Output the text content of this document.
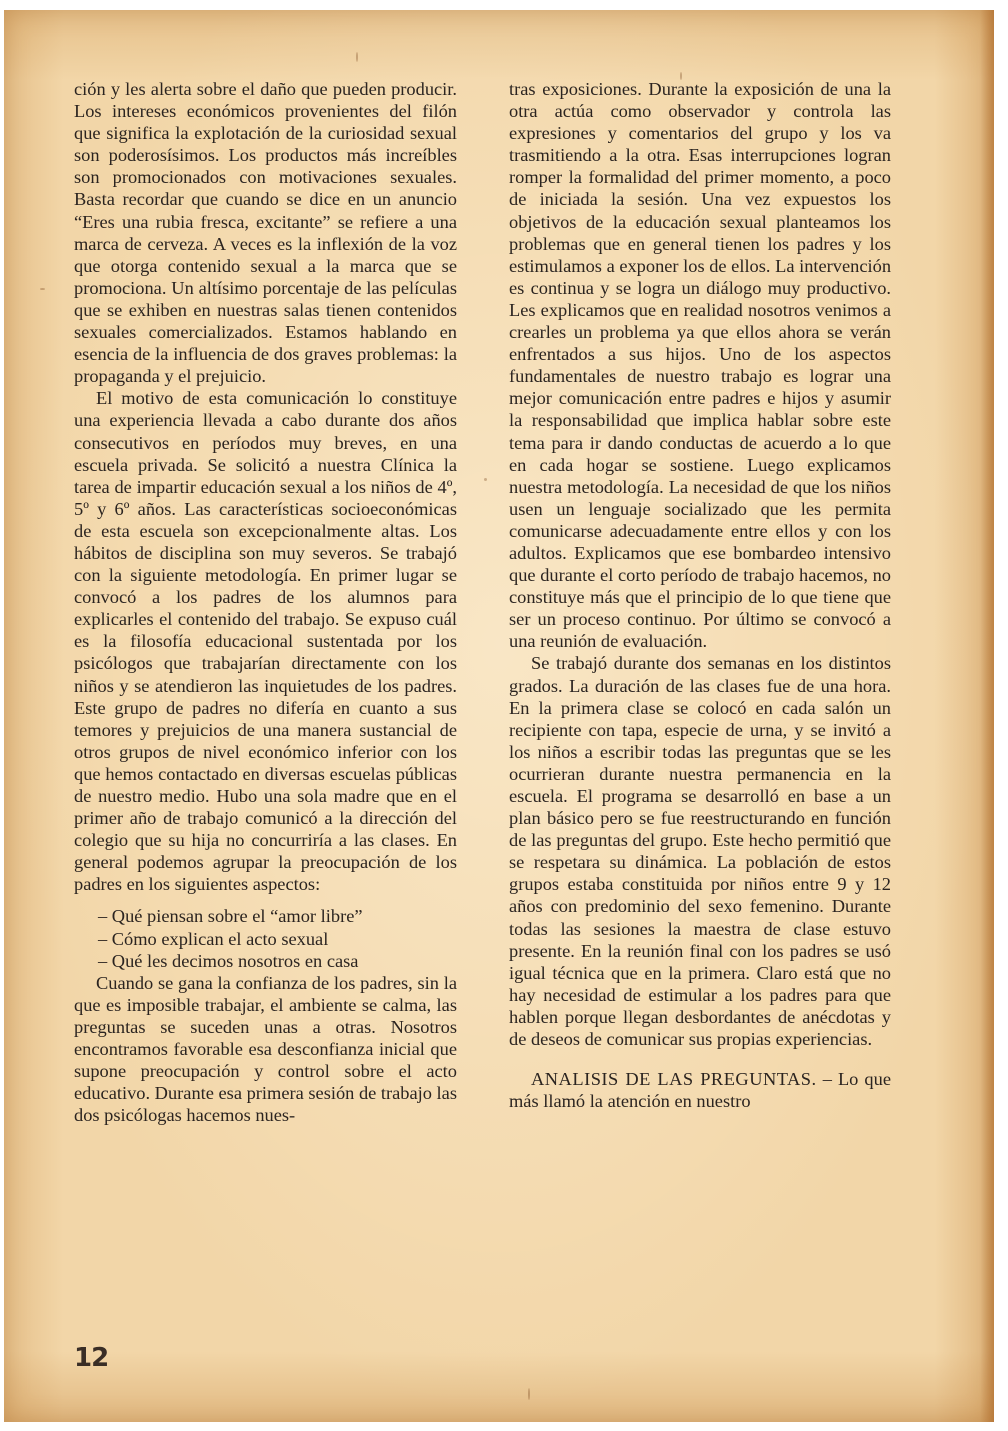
ción y les alerta sobre el daño que pueden producir. Los intereses económicos provenientes del filón que significa la explotación de la curiosidad sexual son poderosísimos. Los productos más increíbles son promocionados con motivaciones sexuales. Basta recordar que cuando se dice en un anuncio “Eres una rubia fresca, excitante” se refiere a una marca de cerveza. A veces es la inflexión de la voz que otorga contenido sexual a la marca que se promociona. Un altísimo porcentaje de las películas que se exhiben en nuestras salas tienen contenidos sexuales comercializados. Estamos hablando en esencia de la influencia de dos graves problemas: la propaganda y el prejuicio.

El motivo de esta comunicación lo constituye una experiencia llevada a cabo durante dos años consecutivos en períodos muy breves, en una escuela privada. Se solicitó a nuestra Clínica la tarea de impartir educación sexual a los niños de 4º, 5º y 6º años. Las características socioeconómicas de esta escuela son excepcionalmente altas. Los hábitos de disciplina son muy severos. Se trabajó con la siguiente metodología. En primer lugar se convocó a los padres de los alumnos para explicarles el contenido del trabajo. Se expuso cuál es la filosofía educacional sustentada por los psicólogos que trabajarían directamente con los niños y se atendieron las inquietudes de los padres. Este grupo de padres no difería en cuanto a sus temores y prejuicios de una manera sustancial de otros grupos de nivel económico inferior con los que hemos contactado en diversas escuelas públicas de nuestro medio. Hubo una sola madre que en el primer año de trabajo comunicó a la dirección del colegio que su hija no concurriría a las clases. En general podemos agrupar la preocupación de los padres en los siguientes aspectos:

– Qué piensan sobre el “amor libre”
– Cómo explican el acto sexual
– Qué les decimos nosotros en casa

Cuando se gana la confianza de los padres, sin la que es imposible trabajar, el ambiente se calma, las preguntas se suceden unas a otras. Nosotros encontramos favorable esa desconfianza inicial que supone preocupación y control sobre el acto educativo. Durante esa primera sesión de trabajo las dos psicólogas hacemos nues-

tras exposiciones. Durante la exposición de una la otra actúa como observador y controla las expresiones y comentarios del grupo y los va trasmitiendo a la otra. Esas interrupciones logran romper la formalidad del primer momento, a poco de iniciada la sesión. Una vez expuestos los objetivos de la educación sexual planteamos los problemas que en general tienen los padres y los estimulamos a exponer los de ellos. La intervención es continua y se logra un diálogo muy productivo. Les explicamos que en realidad nosotros venimos a crearles un problema ya que ellos ahora se verán enfrentados a sus hijos. Uno de los aspectos fundamentales de nuestro trabajo es lograr una mejor comunicación entre padres e hijos y asumir la responsabilidad que implica hablar sobre este tema para ir dando conductas de acuerdo a lo que en cada hogar se sostiene. Luego explicamos nuestra metodología. La necesidad de que los niños usen un lenguaje socializado que les permita comunicarse adecuadamente entre ellos y con los adultos. Explicamos que ese bombardeo intensivo que durante el corto período de trabajo hacemos, no constituye más que el principio de lo que tiene que ser un proceso continuo. Por último se convocó a una reunión de evaluación.

Se trabajó durante dos semanas en los distintos grados. La duración de las clases fue de una hora. En la primera clase se colocó en cada salón un recipiente con tapa, especie de urna, y se invitó a los niños a escribir todas las preguntas que se les ocurrieran durante nuestra permanencia en la escuela. El programa se desarrolló en base a un plan básico pero se fue reestructurando en función de las preguntas del grupo. Este hecho permitió que se respetara su dinámica. La población de estos grupos estaba constituida por niños entre 9 y 12 años con predominio del sexo femenino. Durante todas las sesiones la maestra de clase estuvo presente. En la reunión final con los padres se usó igual técnica que en la primera. Claro está que no hay necesidad de estimular a los padres para que hablen porque llegan desbordantes de anécdotas y de deseos de comunicar sus propias experiencias.

ANALISIS DE LAS PREGUNTAS. – Lo que más llamó la atención en nuestro

12
